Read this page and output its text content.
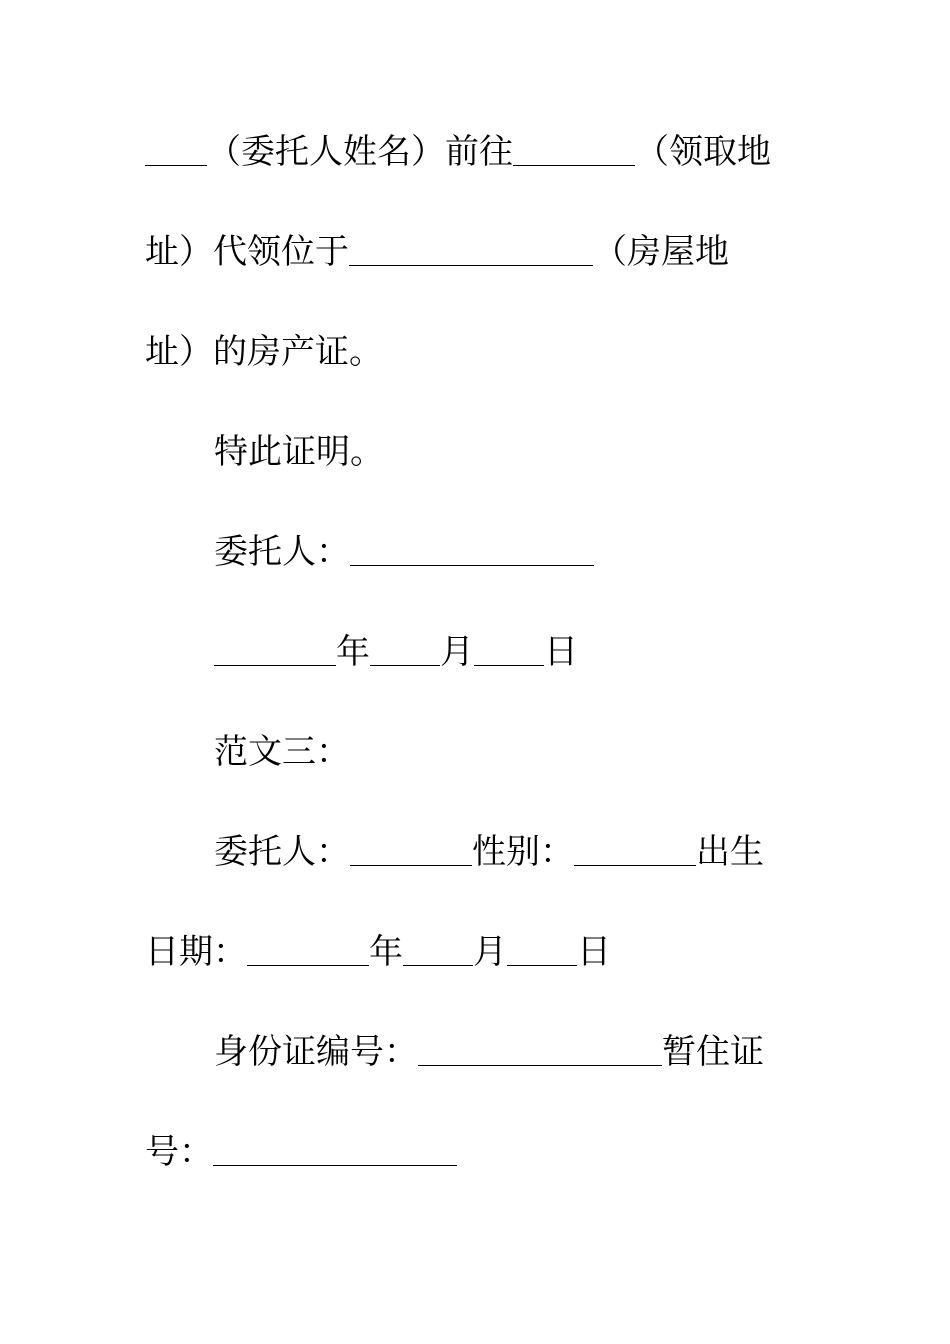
（委托人姓名）前往	（领取地
址）代领位于	（房屋地
址）的房产证。
特此证明。
委托人：
年 月 日
范文三：
委托人：	性别：	出生
日期：	年 月 日
身份证编号：	暂住证
号：
